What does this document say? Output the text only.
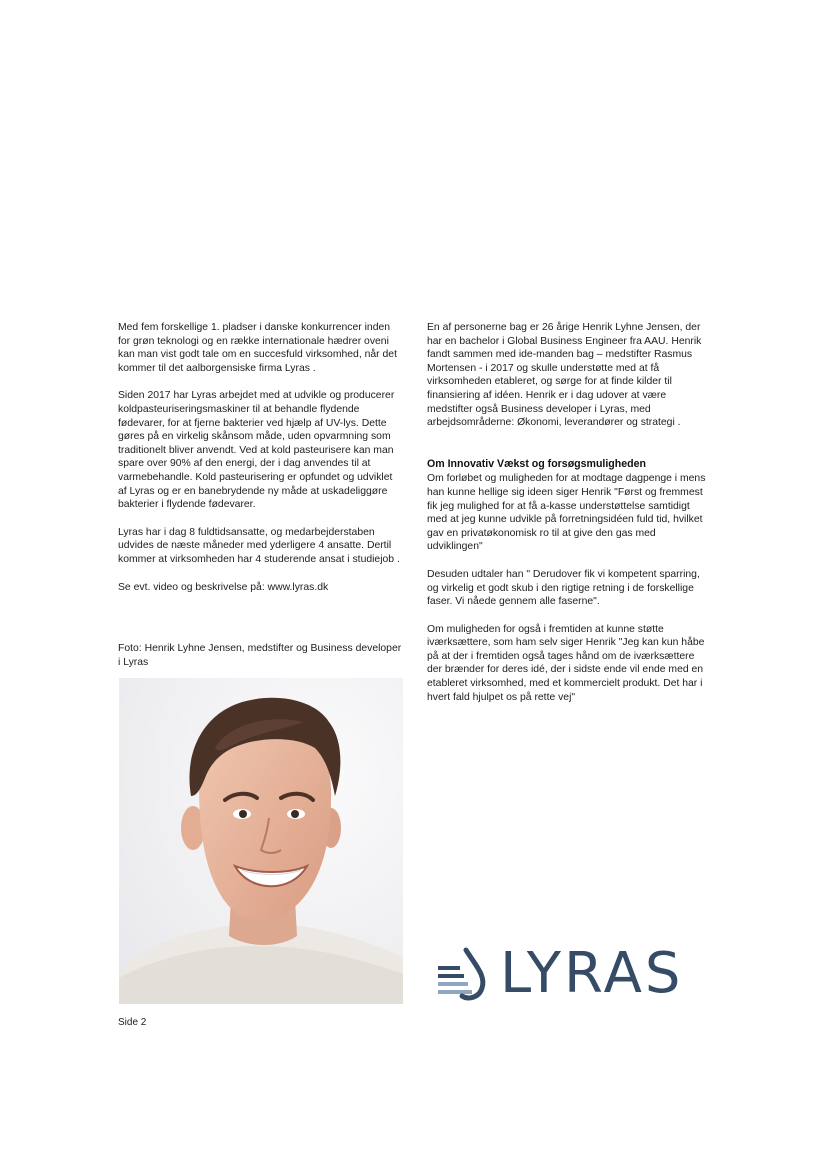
Med fem forskellige 1. pladser i danske konkurrencer inden for grøn teknologi og en række internationale hædrer oveni kan man vist godt tale om en succesfuld virksomhed, når det kommer til det aalborgensiske firma Lyras .

Siden 2017 har Lyras arbejdet med at udvikle og producerer koldpasteuriseringsmaskiner til at behandle flydende fødevarer, for at fjerne bakterier ved hjælp af UV-lys. Dette gøres på en virkelig skånsom måde, uden opvarmning som traditionelt bliver anvendt. Ved at kold pasteurisere kan man spare over 90% af den energi, der i dag anvendes til at varmebehandle. Kold pasteurisering er opfundet og udviklet af Lyras og er en banebrydende ny måde at uskadeliggøre bakterier i flydende fødevarer.

Lyras har i dag 8 fuldtidsansatte, og medarbejderstaben udvides de næste måneder med yderligere 4 ansatte. Dertil kommer at virksomheden har 4 studerende ansat i studiejob .

Se evt. video og beskrivelse på: www.lyras.dk

Foto: Henrik Lyhne Jensen, medstifter og Business developer i Lyras

En af personerne bag er 26 årige Henrik Lyhne Jensen, der har en bachelor i Global Business Engineer fra AAU. Henrik fandt sammen med ide-manden bag – medstifter Rasmus Mortensen - i 2017 og skulle understøtte med at få virksomheden etableret, og sørge for at finde kilder til finansiering af idéen. Henrik er i dag udover at være medstifter også Business developer i Lyras, med arbejdsområderne: Økonomi, leverandører og strategi .

Om Innovativ Vækst og forsøgsmuligheden

Om forløbet og muligheden for at modtage dagpenge i mens han kunne hellige sig ideen siger Henrik "Først og fremmest fik jeg mulighed for at få a-kasse understøttelse samtidigt med at jeg kunne udvikle på forretningsidéen fuld tid, hvilket gav en privatøkonomisk ro til at give den gas med udviklingen"

Desuden udtaler han " Derudover fik vi kompetent sparring, og virkelig et godt skub i den rigtige retning i de forskellige faser. Vi nåede gennem alle faserne".

Om muligheden for også i fremtiden at kunne støtte iværksættere, som ham selv siger Henrik "Jeg kan kun håbe på at der i fremtiden også tages hånd om de iværksættere der brænder for deres idé, der i sidste ende vil ende med en etableret virksomhed, med et kommercielt produkt. Det har i hvert fald hjulpet os på rette vej"

LYRAS
Side 2
